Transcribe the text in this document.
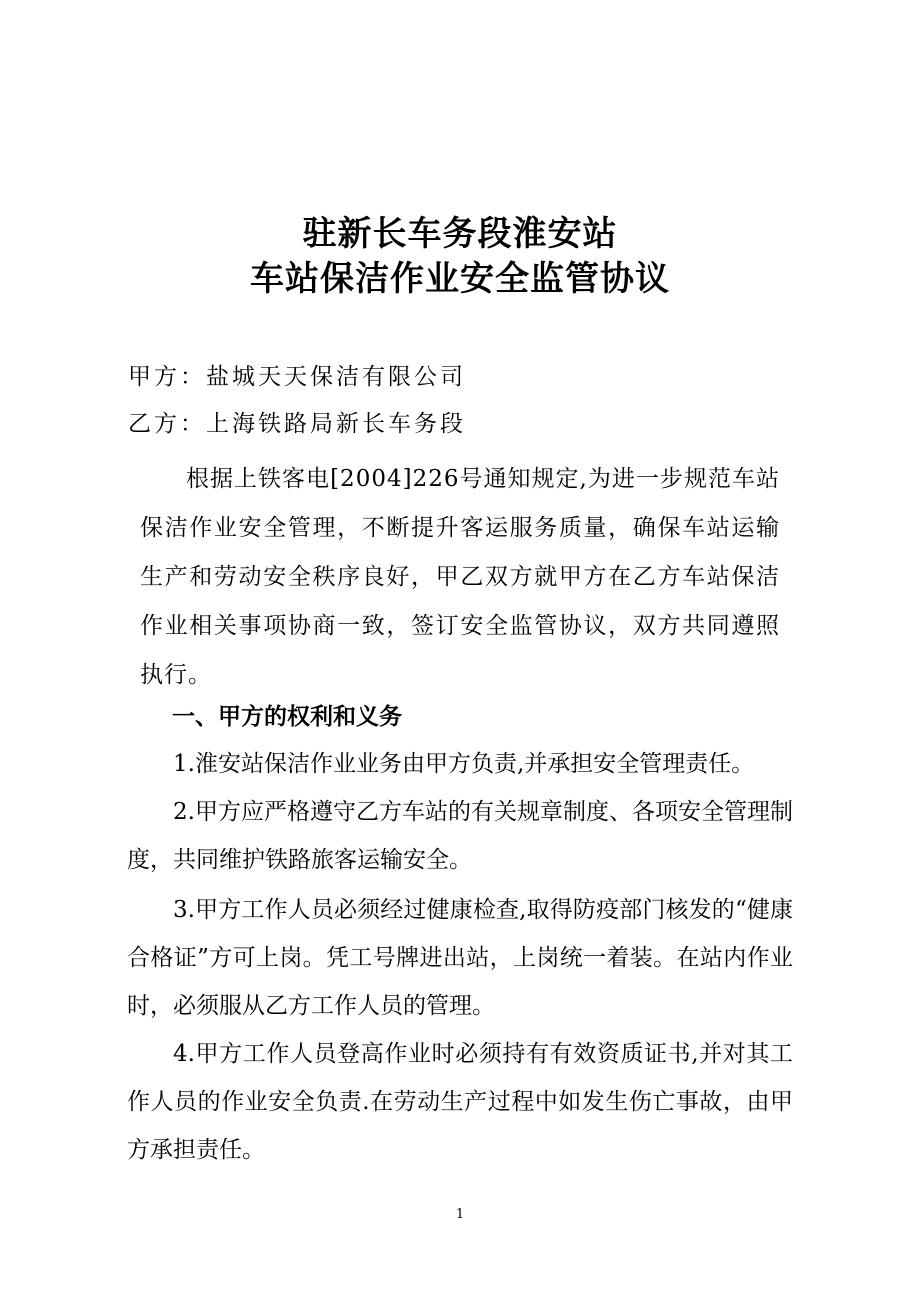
驻新长车务段淮安站
车站保洁作业安全监管协议
甲方：盐城天天保洁有限公司
乙方：上海铁路局新长车务段

根据上铁客电[2004]226号通知规定,为进一步规范车站保洁作业安全管理，不断提升客运服务质量，确保车站运输生产和劳动安全秩序良好，甲乙双方就甲方在乙方车站保洁作业相关事项协商一致，签订安全监管协议，双方共同遵照执行。

一、甲方的权利和义务

1.淮安站保洁作业业务由甲方负责,并承担安全管理责任。

2.甲方应严格遵守乙方车站的有关规章制度、各项安全管理制度，共同维护铁路旅客运输安全。

3.甲方工作人员必须经过健康检查,取得防疫部门核发的“健康合格证”方可上岗。凭工号牌进出站，上岗统一着装。在站内作业时，必须服从乙方工作人员的管理。

4.甲方工作人员登高作业时必须持有有效资质证书,并对其工作人员的作业安全负责.在劳动生产过程中如发生伤亡事故，由甲方承担责任。

1
